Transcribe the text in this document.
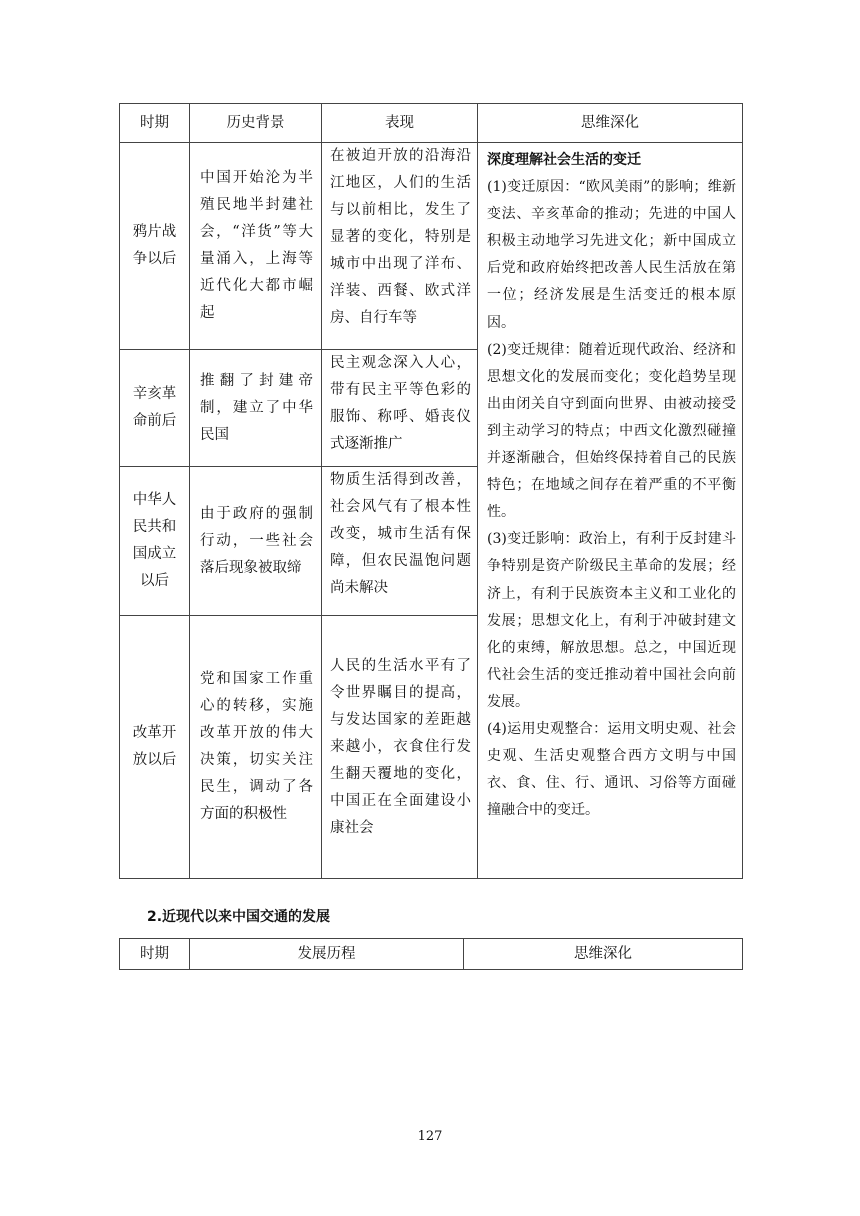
时期	历史背景	表现	思维深化
鸦片战争以后	中国开始沦为半殖民地半封建社会，“洋货”等大量涌入，上海等近代化大都市崛起	在被迫开放的沿海沿江地区，人们的生活与以前相比，发生了显著的变化，特别是城市中出现了洋布、洋装、西餐、欧式洋房、自行车等	深度理解社会生活的变迁

(1)变迁原因：“欧风美雨”的影响；维新变法、辛亥革命的推动；先进的中国人积极主动地学习先进文化；新中国成立后党和政府始终把改善人民生活放在第一位；经济发展是生活变迁的根本原因。

(2)变迁规律：随着近现代政治、经济和思想文化的发展而变化；变化趋势呈现出由闭关自守到面向世界、由被动接受到主动学习的特点；中西文化激烈碰撞并逐渐融合，但始终保持着自己的民族特色；在地域之间存在着严重的不平衡性。

(3)变迁影响：政治上，有利于反封建斗争特别是资产阶级民主革命的发展；经济上，有利于民族资本主义和工业化的发展；思想文化上，有利于冲破封建文化的束缚，解放思想。总之，中国近现代社会生活的变迁推动着中国社会向前发展。

(4)运用史观整合：运用文明史观、社会史观、生活史观整合西方文明与中国衣、食、住、行、通讯、习俗等方面碰撞融合中的变迁。

辛亥革命前后	推翻了封建帝制，建立了中华民国	民主观念深入人心，带有民主平等色彩的服饰、称呼、婚丧仪式逐渐推广	
中华人民共和国成立以后	由于政府的强制行动，一些社会落后现象被取缔	物质生活得到改善，社会风气有了根本性改变，城市生活有保障，但农民温饱问题尚未解决	
改革开放以后	党和国家工作重心的转移，实施改革开放的伟大决策，切实关注民生，调动了各方面的积极性	人民的生活水平有了令世界瞩目的提高，与发达国家的差距越来越小，衣食住行发生翻天覆地的变化，中国正在全面建设小康社会	
2.近现代以来中国交通的发展
时期	发展历程	思维深化
127
